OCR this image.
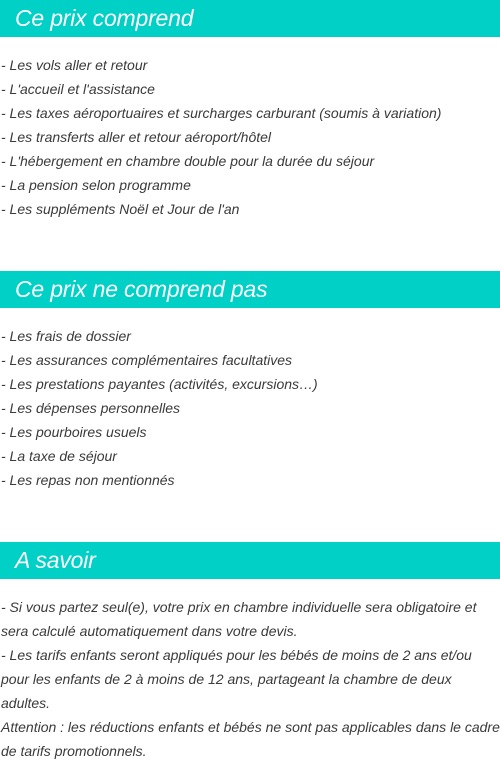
Ce prix comprend
- Les vols aller et retour
- L'accueil et l'assistance
- Les taxes aéroportuaires et surcharges carburant (soumis à variation)
- Les transferts aller et retour aéroport/hôtel
- L'hébergement en chambre double pour la durée du séjour
- La pension selon programme
- Les suppléments Noël et Jour de l'an
Ce prix ne comprend pas
- Les frais de dossier
- Les assurances complémentaires facultatives
- Les prestations payantes (activités, excursions…)
- Les dépenses personnelles
- Les pourboires usuels
- La taxe de séjour
- Les repas non mentionnés
A savoir

- Si vous partez seul(e), votre prix en chambre individuelle sera obligatoire et sera calculé automatiquement dans votre devis.

- Les tarifs enfants seront appliqués pour les bébés de moins de 2 ans et/ou pour les enfants de 2 à moins de 12 ans, partageant la chambre de deux adultes.

Attention : les réductions enfants et bébés ne sont pas applicables dans le cadre de tarifs promotionnels.
